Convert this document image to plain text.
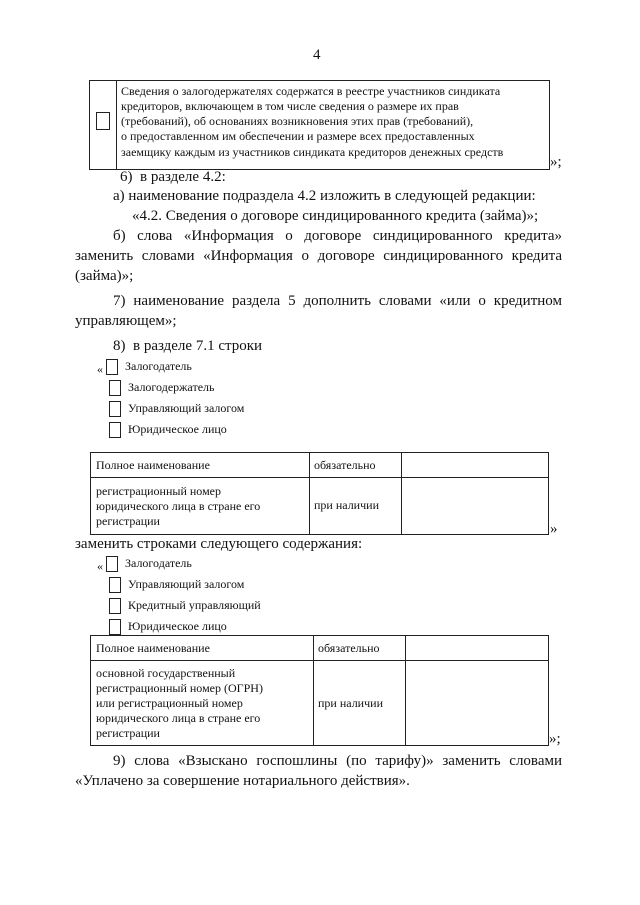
4
Сведения о залогодержателях содержатся в реестре участников синдиката
кредиторов, включающем в том числе сведения о размере их прав
(требований), об основаниях возникновения этих прав (требований),
о предоставленном им обеспечении и размере всех предоставленных
заемщику каждым из участников синдиката кредиторов денежных средств
»;
6)  в разделе 4.2:
а) наименование подраздела 4.2 изложить в следующей редакции:
«4.2. Сведения о договоре синдицированного кредита (займа)»;
б) слова «Информация о договоре синдицированного кредита»
заменить словами «Информация о договоре синдицированного кредита
(займа)»;
7) наименование раздела 5 дополнить словами «или о кредитном
управляющем»;
8)  в разделе 7.1 строки
« Залогодатель
Залогодержатель
Управляющий залогом
Юридическое лицо
Полное наименование	обязательно
регистрационный номер
юридического лица в стране его
регистрации
при наличии
»
заменить строками следующего содержания:
« Залогодатель
Управляющий залогом
Кредитный управляющий
Юридическое лицо
Полное наименование	обязательно
основной государственный
регистрационный номер (ОГРН)
или регистрационный номер
юридического лица в стране его
регистрации
при наличии
»;
9) слова «Взыскано госпошлины (по тарифу)» заменить словами
«Уплачено за совершение нотариального действия».
